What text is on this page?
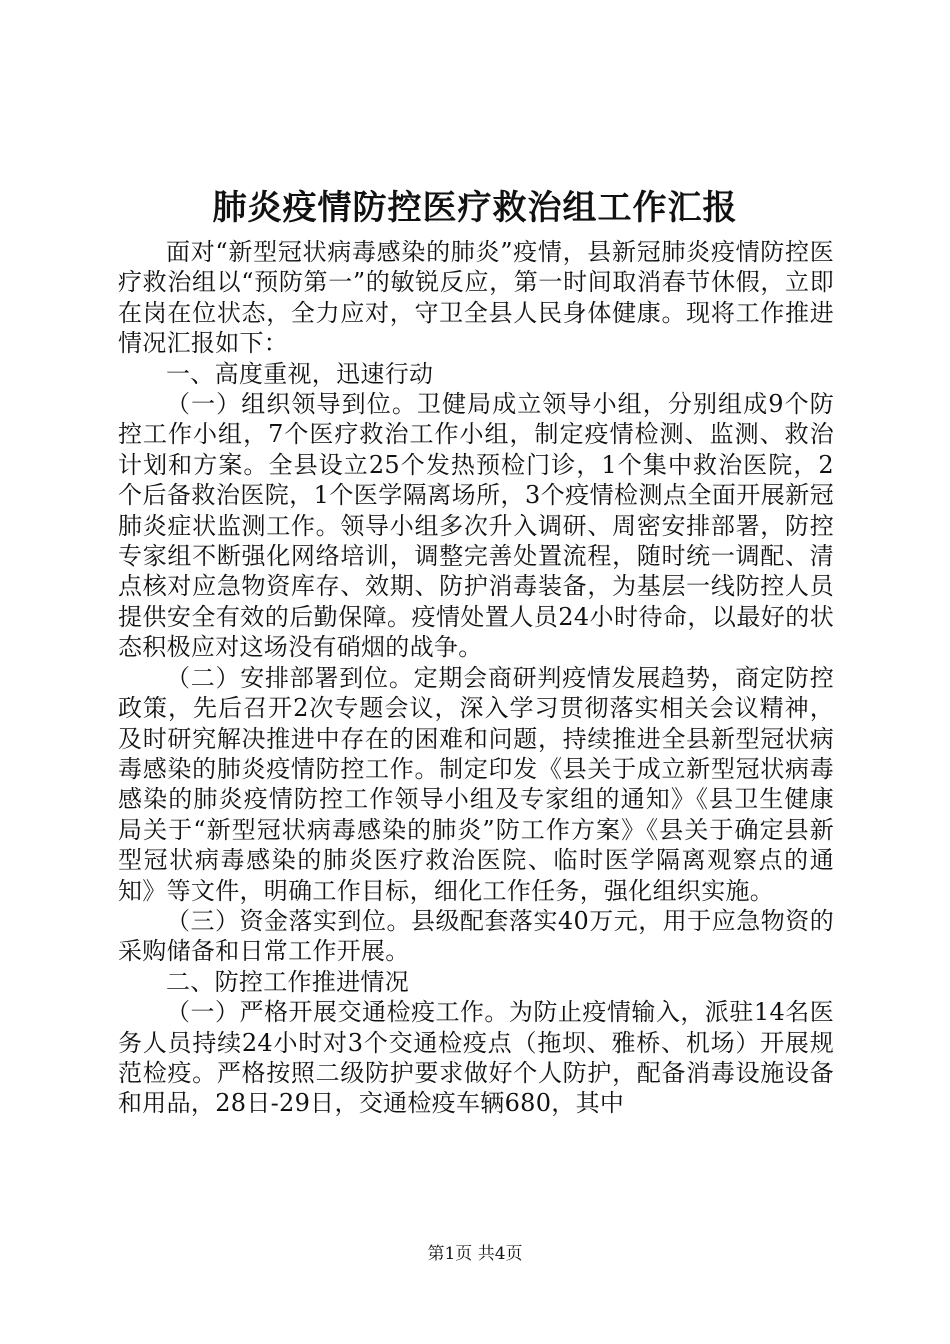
肺炎疫情防控医疗救治组工作汇报

面对“新型冠状病毒感染的肺炎”疫情，县新冠肺炎疫情防控医疗救治组以“预防第一”的敏锐反应，第一时间取消春节休假，立即在岗在位状态，全力应对，守卫全县人民身体健康。现将工作推进情况汇报如下：

一、高度重视，迅速行动

（一）组织领导到位。卫健局成立领导小组，分别组成9个防控工作小组，7个医疗救治工作小组，制定疫情检测、监测、救治计划和方案。全县设立25个发热预检门诊，1个集中救治医院，2个后备救治医院，1个医学隔离场所，3个疫情检测点全面开展新冠肺炎症状监测工作。领导小组多次升入调研、周密安排部署，防控专家组不断强化网络培训，调整完善处置流程，随时统一调配、清点核对应急物资库存、效期、防护消毒装备，为基层一线防控人员提供安全有效的后勤保障。疫情处置人员24小时待命，以最好的状态积极应对这场没有硝烟的战争。

（二）安排部署到位。定期会商研判疫情发展趋势，商定防控政策，先后召开2次专题会议，深入学习贯彻落实相关会议精神，及时研究解决推进中存在的困难和问题，持续推进全县新型冠状病毒感染的肺炎疫情防控工作。制定印发《县关于成立新型冠状病毒感染的肺炎疫情防控工作领导小组及专家组的通知》《县卫生健康局关于“新型冠状病毒感染的肺炎”防工作方案》《县关于确定县新型冠状病毒感染的肺炎医疗救治医院、临时医学隔离观察点的通知》等文件，明确工作目标，细化工作任务，强化组织实施。

（三）资金落实到位。县级配套落实40万元，用于应急物资的采购储备和日常工作开展。

二、防控工作推进情况

（一）严格开展交通检疫工作。为防止疫情输入，派驻14名医务人员持续24小时对3个交通检疫点（拖坝、雅桥、机场）开展规范检疫。严格按照二级防护要求做好个人防护，配备消毒设施设备和用品，28日-29日，交通检疫车辆680，其中

第1页 共4页
